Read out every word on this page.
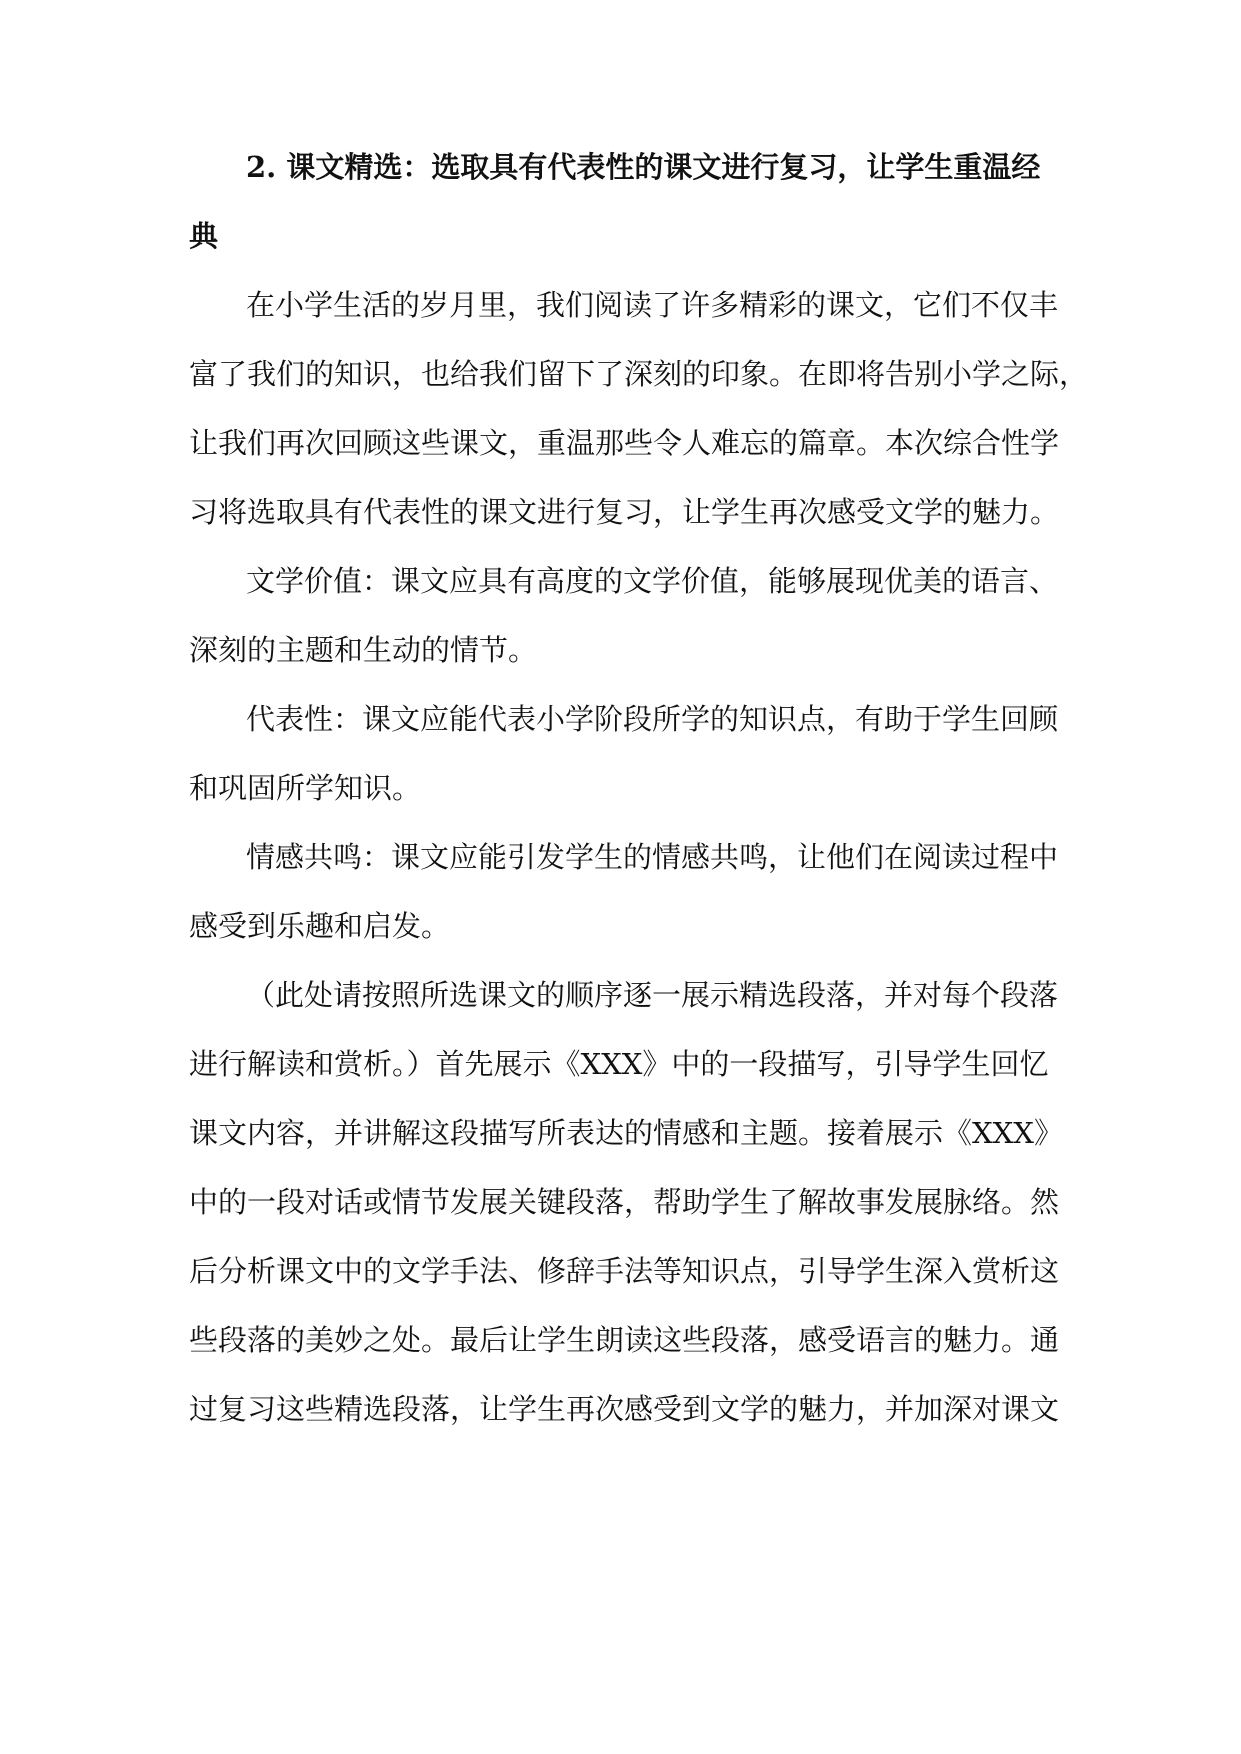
2. 课文精选：选取具有代表性的课文进行复习，让学生重温经
典
在小学生活的岁月里，我们阅读了许多精彩的课文，它们不仅丰
富了我们的知识，也给我们留下了深刻的印象。在即将告别小学之际，
让我们再次回顾这些课文，重温那些令人难忘的篇章。本次综合性学
习将选取具有代表性的课文进行复习，让学生再次感受文学的魅力。
文学价值：课文应具有高度的文学价值，能够展现优美的语言、
深刻的主题和生动的情节。
代表性：课文应能代表小学阶段所学的知识点，有助于学生回顾
和巩固所学知识。
情感共鸣：课文应能引发学生的情感共鸣，让他们在阅读过程中
感受到乐趣和启发。
（此处请按照所选课文的顺序逐一展示精选段落，并对每个段落
进行解读和赏析。）首先展示《XXX》中的一段描写，引导学生回忆
课文内容，并讲解这段描写所表达的情感和主题。接着展示《XXX》
中的一段对话或情节发展关键段落，帮助学生了解故事发展脉络。然
后分析课文中的文学手法、修辞手法等知识点，引导学生深入赏析这
些段落的美妙之处。最后让学生朗读这些段落，感受语言的魅力。通
过复习这些精选段落，让学生再次感受到文学的魅力，并加深对课文
